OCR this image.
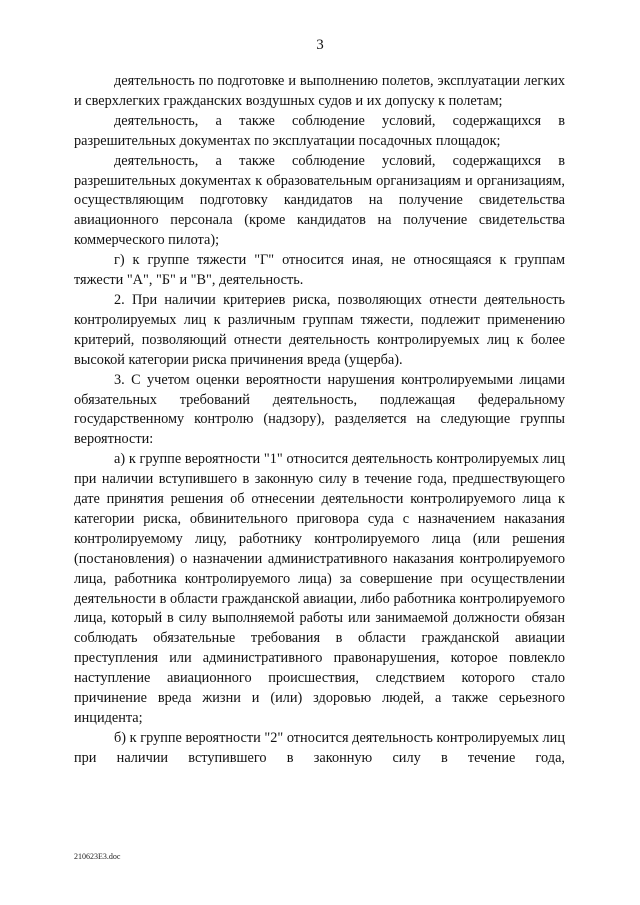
3

деятельность по подготовке и выполнению полетов, эксплуатации легких и сверхлегких гражданских воздушных судов и их допуску к полетам;

деятельность, а также соблюдение условий, содержащихся в разрешительных документах по эксплуатации посадочных площадок;

деятельность, а также соблюдение условий, содержащихся в разрешительных документах к образовательным организациям и организациям, осуществляющим подготовку кандидатов на получение свидетельства авиационного персонала (кроме кандидатов на получение свидетельства коммерческого пилота);

г) к группе тяжести "Г" относится иная, не относящаяся к группам тяжести "А", "Б" и "В", деятельность.

2. При наличии критериев риска, позволяющих отнести деятельность контролируемых лиц к различным группам тяжести, подлежит применению критерий, позволяющий отнести деятельность контролируемых лиц к более высокой категории риска причинения вреда (ущерба).

3. С учетом оценки вероятности нарушения контролируемыми лицами обязательных требований деятельность, подлежащая федеральному государственному контролю (надзору), разделяется на следующие группы вероятности:

а) к группе вероятности "1" относится деятельность контролируемых лиц при наличии вступившего в законную силу в течение года, предшествующего дате принятия решения об отнесении деятельности контролируемого лица к категории риска, обвинительного приговора суда с назначением наказания контролируемому лицу, работнику контролируемого лица (или решения (постановления) о назначении административного наказания контролируемого лица, работника контролируемого лица) за совершение при осуществлении деятельности в области гражданской авиации, либо работника контролируемого лица, который в силу выполняемой работы или занимаемой должности обязан соблюдать обязательные требования в области гражданской авиации преступления или административного правонарушения, которое повлекло наступление авиационного происшествия, следствием которого стало причинение вреда жизни и (или) здоровью людей, а также серьезного инцидента;

б) к группе вероятности "2" относится деятельность контролируемых лиц при наличии вступившего в законную силу в течение года,

210623E3.doc
